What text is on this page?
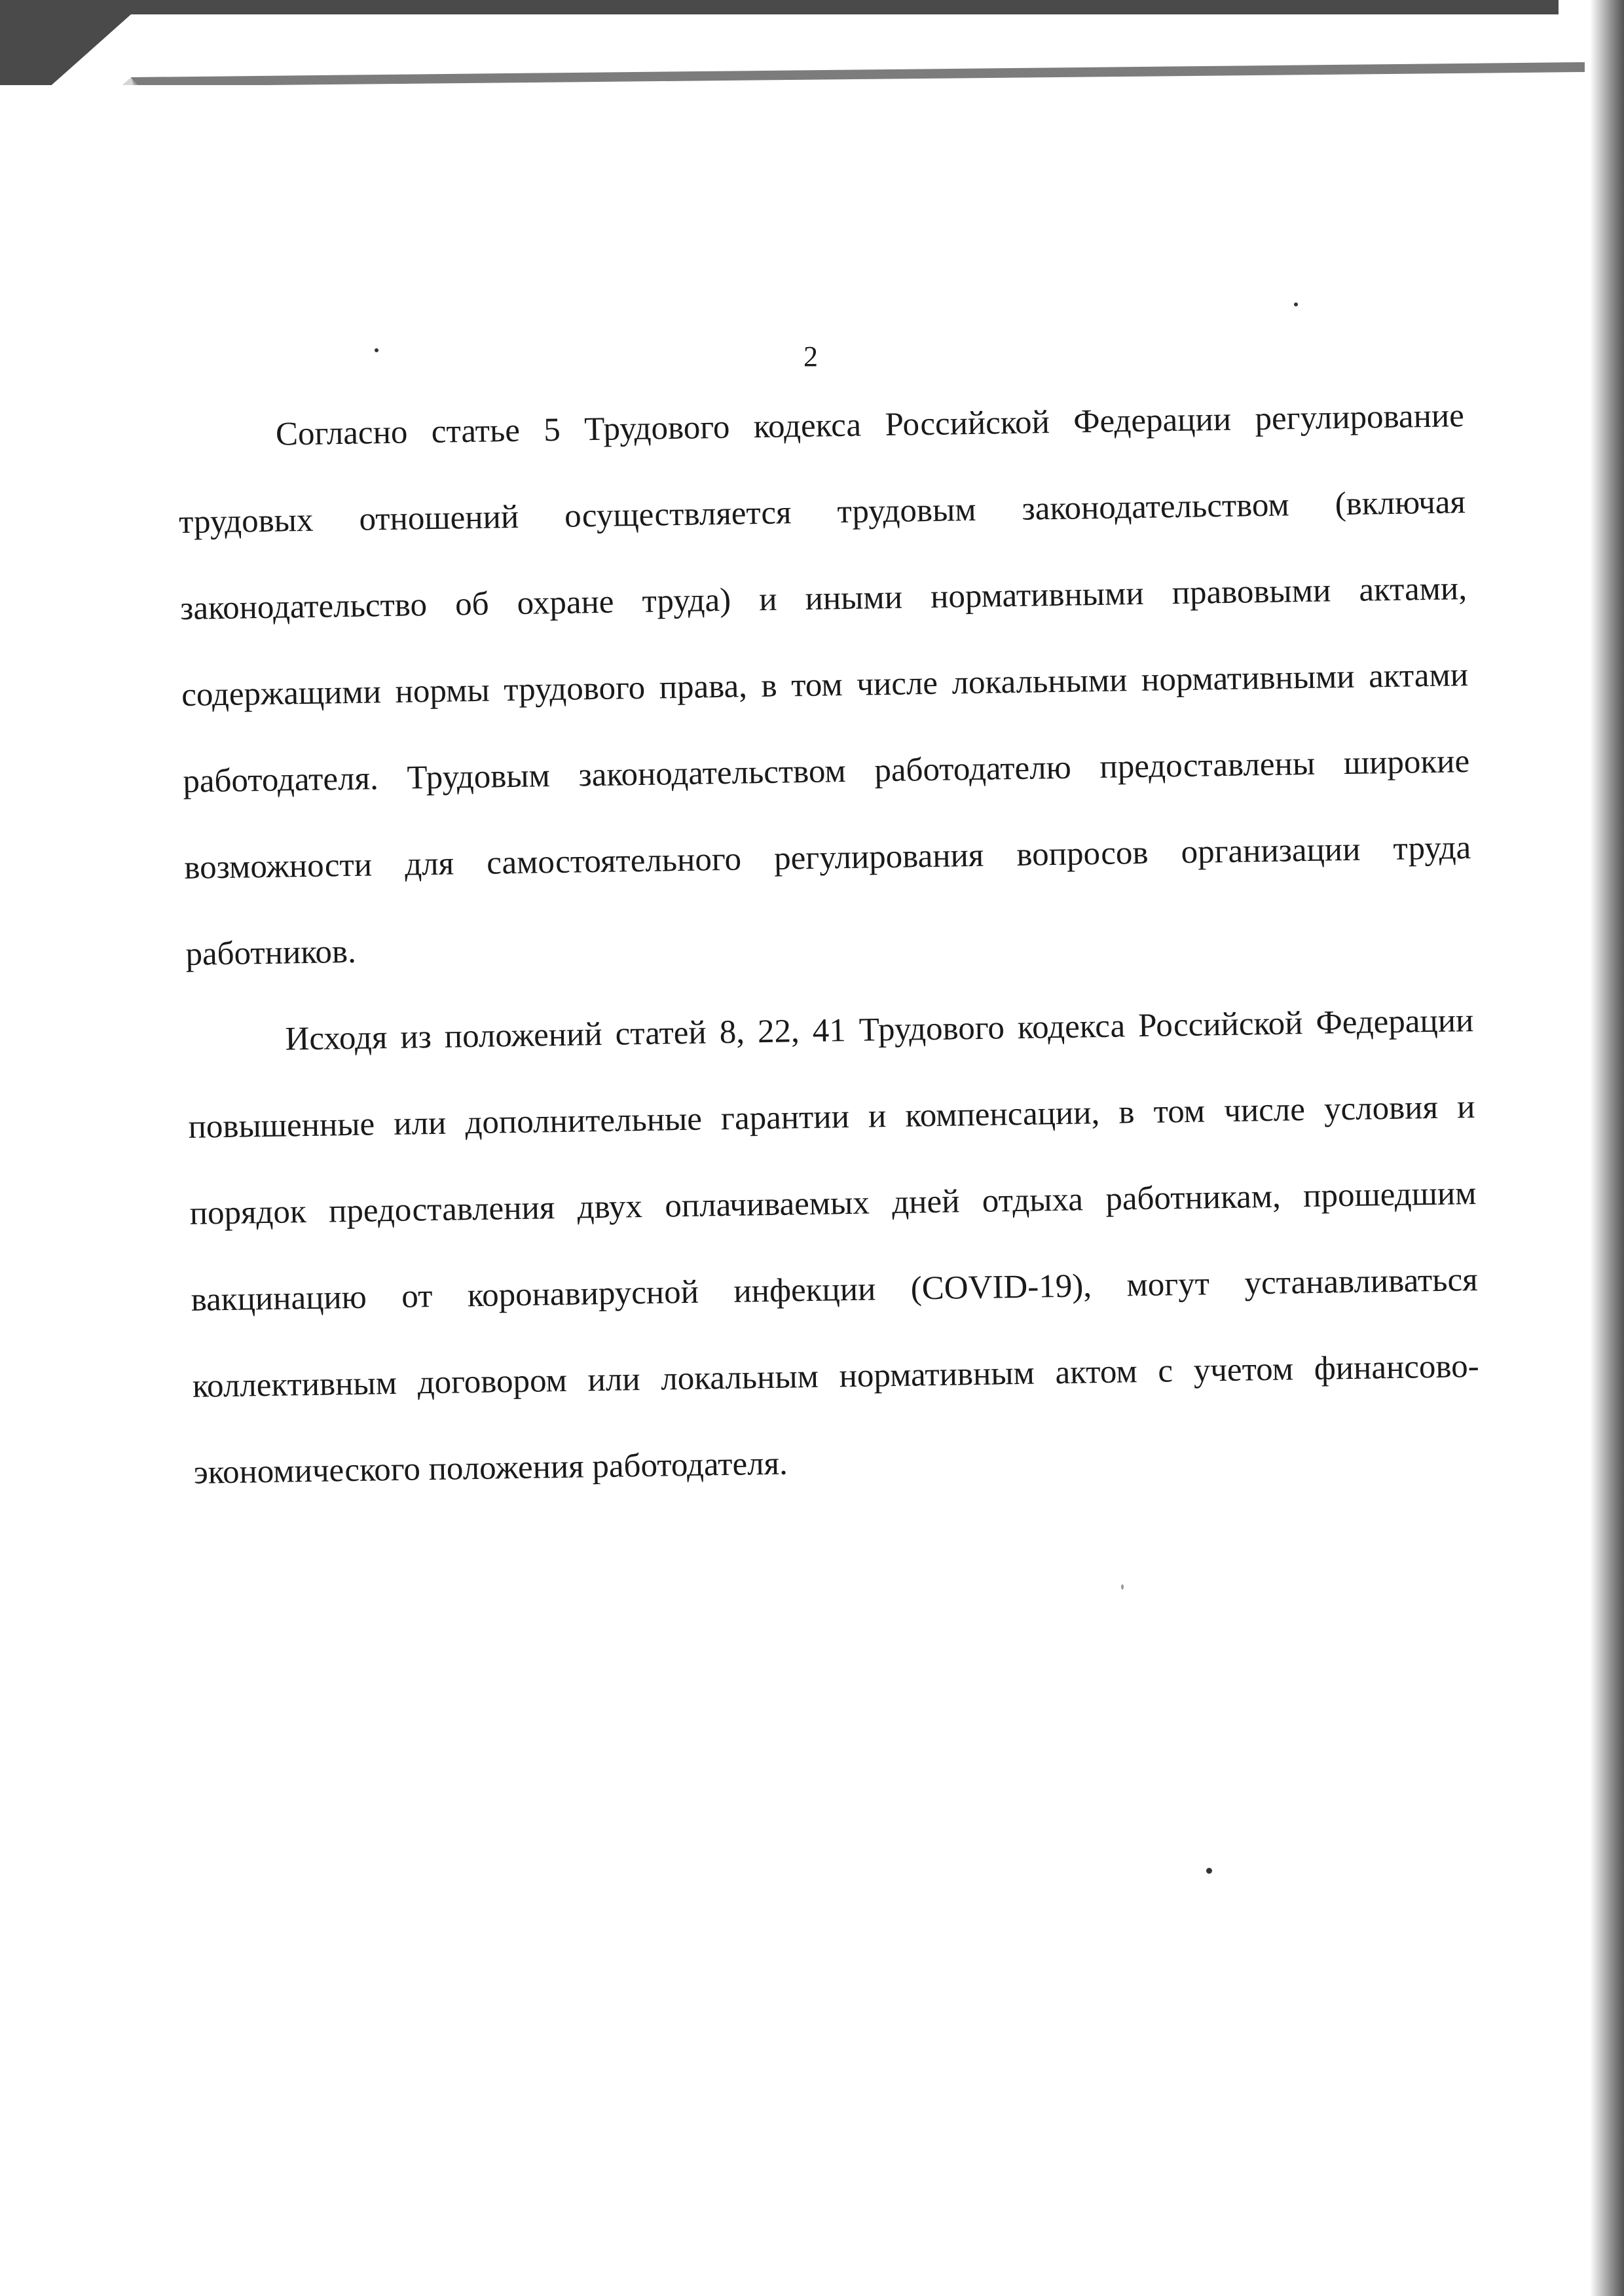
2

Согласно статье 5 Трудового кодекса Российской Федерации регулирование трудовых отношений осуществляется трудовым законодательством (включая законодательство об охране труда) и иными нормативными правовыми актами, содержащими нормы трудового права, в том числе локальными нормативными актами работодателя. Трудовым законодательством работодателю предоставлены широкие возможности для самостоятельного регулирования вопросов организации труда работников.

Исходя из положений статей 8, 22, 41 Трудового кодекса Российской Федерации повышенные или дополнительные гарантии и компенсации, в том числе условия и порядок предоставления двух оплачиваемых дней отдыха работникам, прошедшим вакцинацию от коронавирусной инфекции (COVID-19), могут устанавливаться коллективным договором или локальным нормативным актом с учетом финансово-экономического положения работодателя.
